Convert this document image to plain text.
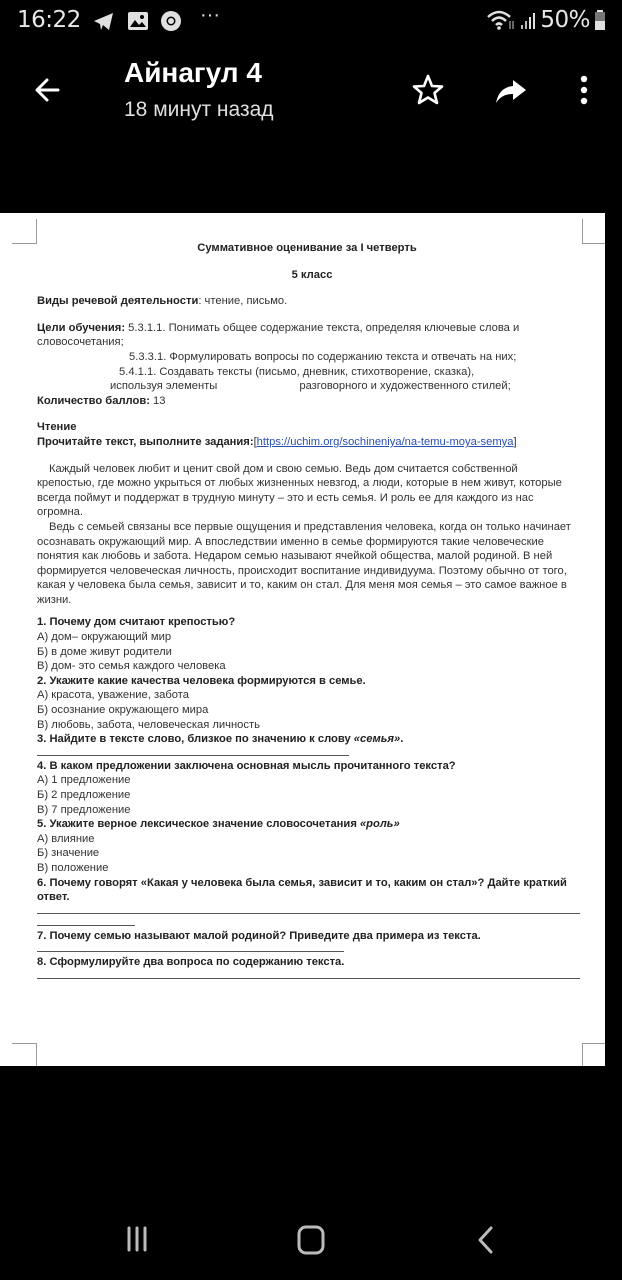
16:22	···	50%
Айнагул 4
18 минут назад
Суммативное оценивание за I четверть
5 класс

Виды речевой деятельности: чтение, письмо.

Цели обучения: 5.3.1.1. Понимать общее содержание текста, определяя ключевые слова и словосочетания;

5.3.3.1. Формулировать вопросы по содержанию текста и отвечать на них;

5.4.1.1. Создавать тексты (письмо, дневник, стихотворение, сказка),

используя элементы	разговорного и художественного стилей;

Количество баллов: 13

Чтение

Прочитайте текст, выполните задания:[https://uchim.org/sochineniya/na-temu-moya-semya]

Каждый человек любит и ценит свой дом и свою семью. Ведь дом считается собственной крепостью, где можно укрыться от любых жизненных невзгод, а люди, которые в нем живут, которые всегда поймут и поддержат в трудную минуту – это и есть семья. И роль ее для каждого из нас огромна.

Ведь с семьей связаны все первые ощущения и представления человека, когда он только начинает осознавать окружающий мир. А впоследствии именно в семье формируются такие человеческие понятия как любовь и забота. Недаром семью называют ячейкой общества, малой родиной. В ней формируется человеческая личность, происходит воспитание индивидуума. Поэтому обычно от того, какая у человека была семья, зависит и то, каким он стал. Для меня моя семья – это самое важное в жизни.

1. Почему дом считают крепостью?

А) дом– окружающий мир

Б) в доме живут родители

В) дом- это семья каждого человека

2. Укажите какие качества человека формируются в семье.

А) красота, уважение, забота

Б) осознание окружающего мира

В) любовь, забота, человеческая личность

3. Найдите в тексте слово, близкое по значению к слову «семья».

4. В каком предложении заключена основная мысль прочитанного текста?

А) 1 предложение

Б) 2 предложение

В) 7 предложение

5. Укажите верное лексическое значение словосочетания «роль»

А) влияние

Б) значение

В) положение

6. Почему говорят «Какая у человека была семья, зависит и то, каким он стал»? Дайте краткий ответ.

7. Почему семью называют малой родиной? Приведите два примера из текста.

8. Сформулируйте два вопроса по содержанию текста.
